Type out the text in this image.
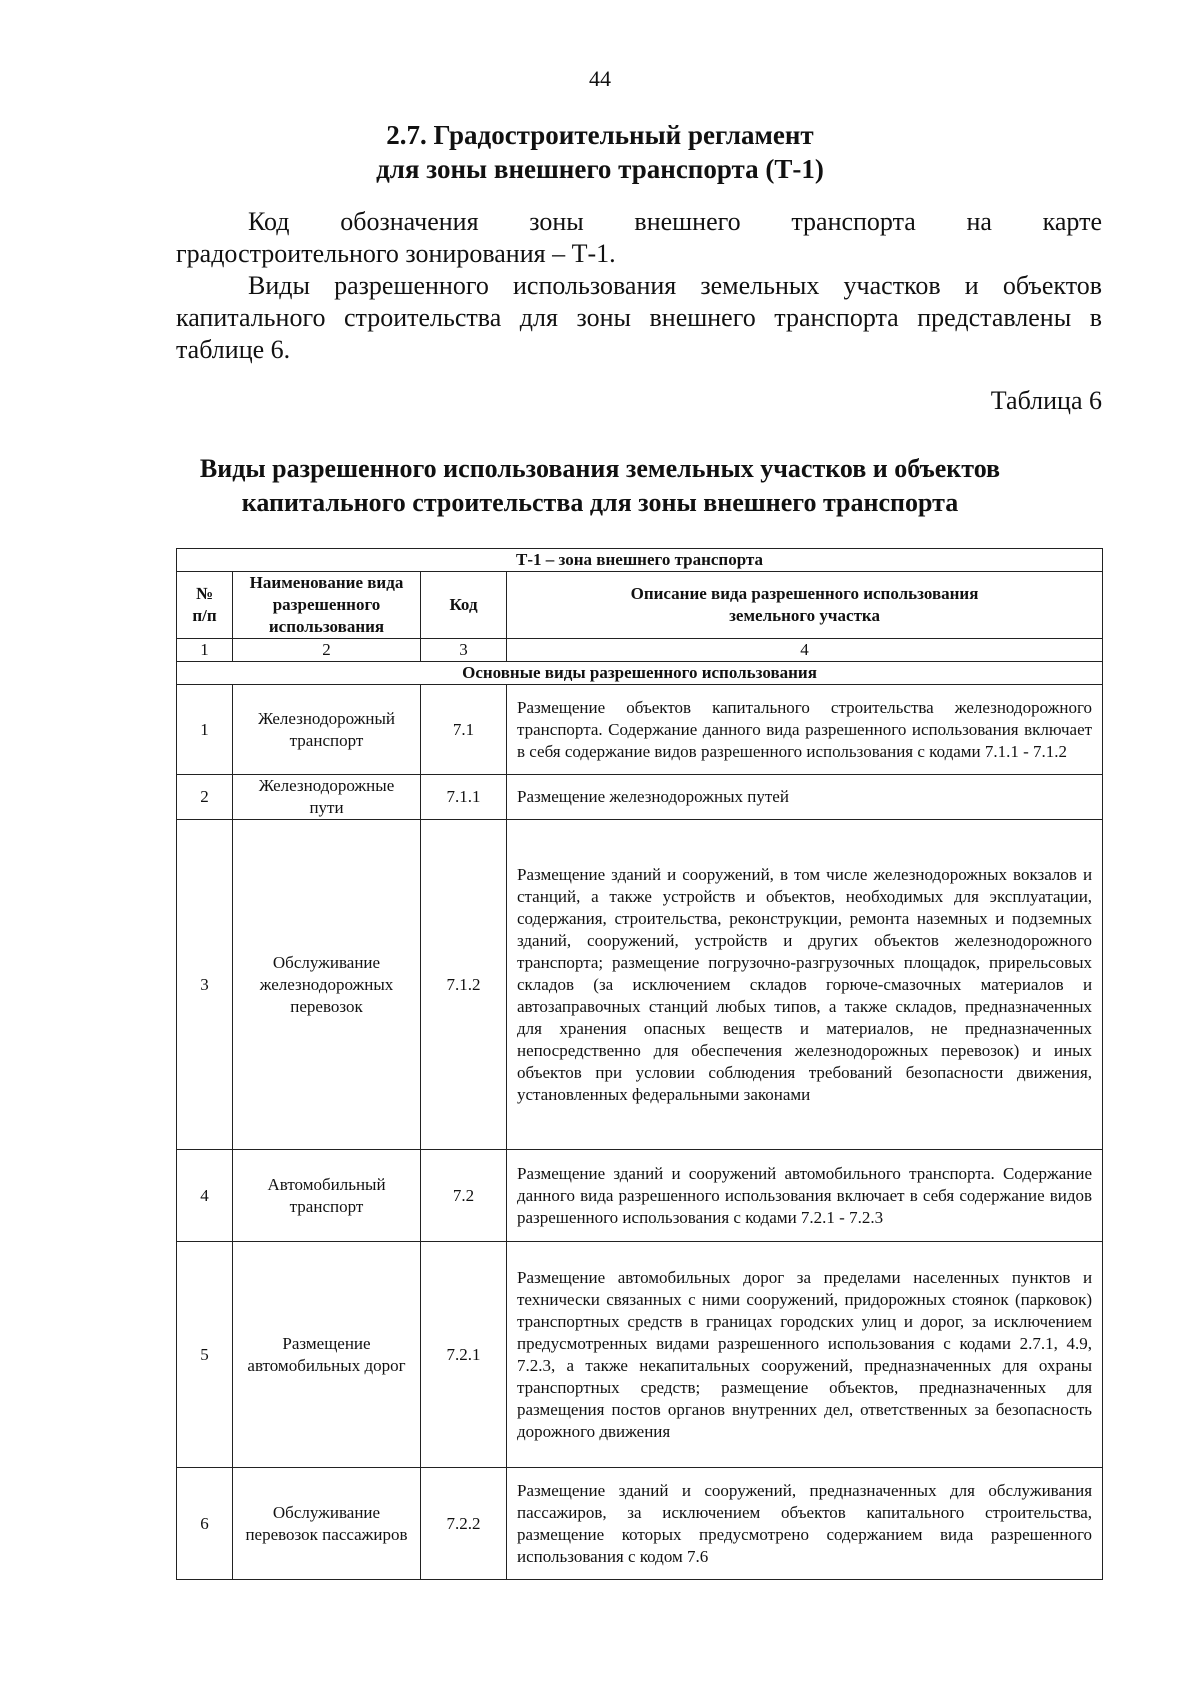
44
2.7. Градостроительный регламент
для зоны внешнего транспорта (Т-1)
Код обозначения зоны внешнего транспорта на карте
градостроительного зонирования – Т-1.
Виды разрешенного использования земельных участков и объектов капитального строительства для зоны внешнего транспорта представлены в таблице 6.
Таблица 6
Виды разрешенного использования земельных участков и объектов
капитального строительства для зоны внешнего транспорта
Т-1 – зона внешнего транспорта			
№ п/п	Наименование вида разрешенного использования	Код	Описание вида разрешенного использования земельного участка
1	2	3	4
Основные виды разрешенного использования			
1	Железнодорожный транспорт	7.1	Размещение объектов капитального строительства железнодорожного транспорта. Содержание данного вида разрешенного использования включает в себя содержание видов разрешенного использования с кодами 7.1.1 - 7.1.2
2	Железнодорожные пути	7.1.1	Размещение железнодорожных путей
3	Обслуживание железнодорожных перевозок	7.1.2	Размещение зданий и сооружений, в том числе железнодорожных вокзалов и станций, а также устройств и объектов, необходимых для эксплуатации, содержания, строительства, реконструкции, ремонта наземных и подземных зданий, сооружений, устройств и других объектов железнодорожного транспорта; размещение погрузочно-разгрузочных площадок, прирельсовых складов (за исключением складов горюче-смазочных материалов и автозаправочных станций любых типов, а также складов, предназначенных для хранения опасных веществ и материалов, не предназначенных непосредственно для обеспечения железнодорожных перевозок) и иных объектов при условии соблюдения требований безопасности движения, установленных федеральными законами
4	Автомобильный транспорт	7.2	Размещение зданий и сооружений автомобильного транспорта. Содержание данного вида разрешенного использования включает в себя содержание видов разрешенного использования с кодами 7.2.1 - 7.2.3
5	Размещение автомобильных дорог	7.2.1	Размещение автомобильных дорог за пределами населенных пунктов и технически связанных с ними сооружений, придорожных стоянок (парковок) транспортных средств в границах городских улиц и дорог, за исключением предусмотренных видами разрешенного использования с кодами 2.7.1, 4.9, 7.2.3, а также некапитальных сооружений, предназначенных для охраны транспортных средств; размещение объектов, предназначенных для размещения постов органов внутренних дел, ответственных за безопасность дорожного движения
6	Обслуживание перевозок пассажиров	7.2.2	Размещение зданий и сооружений, предназначенных для обслуживания пассажиров, за исключением объектов капитального строительства, размещение которых предусмотрено содержанием вида разрешенного использования с кодом 7.6
